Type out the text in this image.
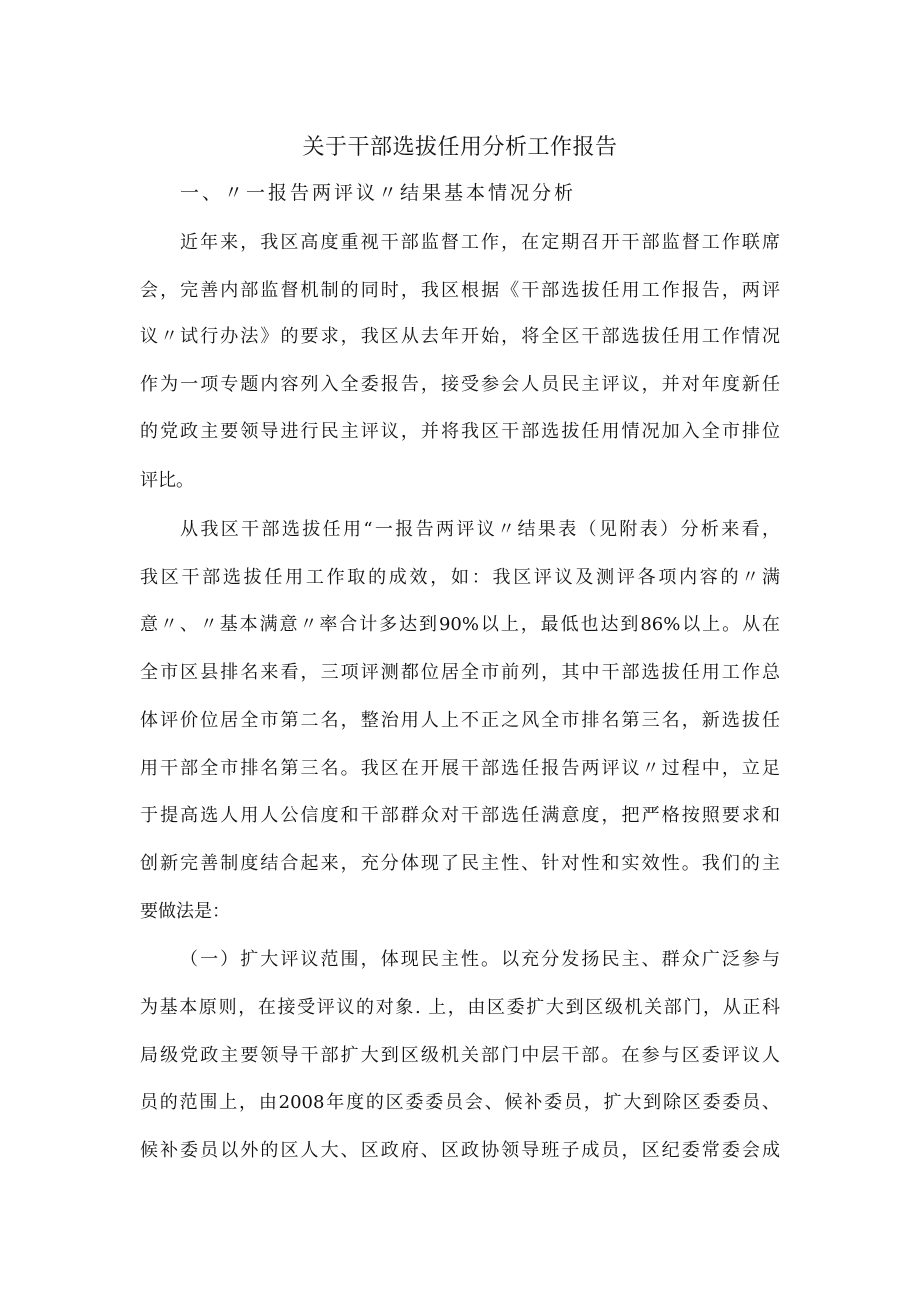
关于干部选拔任用分析工作报告
一、〃一报告两评议〃结果基本情况分析

近年来，我区高度重视干部监督工作，在定期召开干部监督工作联席

会，完善内部监督机制的同时，我区根据《干部选拔任用工作报告，两评

议〃试行办法》的要求，我区从去年开始，将全区干部选拔任用工作情况

作为一项专题内容列入全委报告，接受参会人员民主评议，并对年度新任

的党政主要领导进行民主评议，并将我区干部选拔任用情况加入全市排位

评比。

从我区干部选拔任用“一报告两评议〃结果表（见附表）分析来看，

我区干部选拔任用工作取的成效，如：我区评议及测评各项内容的〃满

意〃、〃基本满意〃率合计多达到90%以上，最低也达到86%以上。从在

全市区县排名来看，三项评测都位居全市前列，其中干部选拔任用工作总

体评价位居全市第二名，整治用人上不正之风全市排名第三名，新选拔任

用干部全市排名第三名。我区在开展干部选任报告两评议〃过程中，立足

于提高选人用人公信度和干部群众对干部选任满意度，把严格按照要求和

创新完善制度结合起来，充分体现了民主性、针对性和实效性。我们的主

要做法是：

（一）扩大评议范围，体现民主性。以充分发扬民主、群众广泛参与

为基本原则，在接受评议的对象. 上，由区委扩大到区级机关部门，从正科

局级党政主要领导干部扩大到区级机关部门中层干部。在参与区委评议人

员的范围上，由2008年度的区委委员会、候补委员，扩大到除区委委员、

候补委员以外的区人大、区政府、区政协领导班子成员，区纪委常委会成
